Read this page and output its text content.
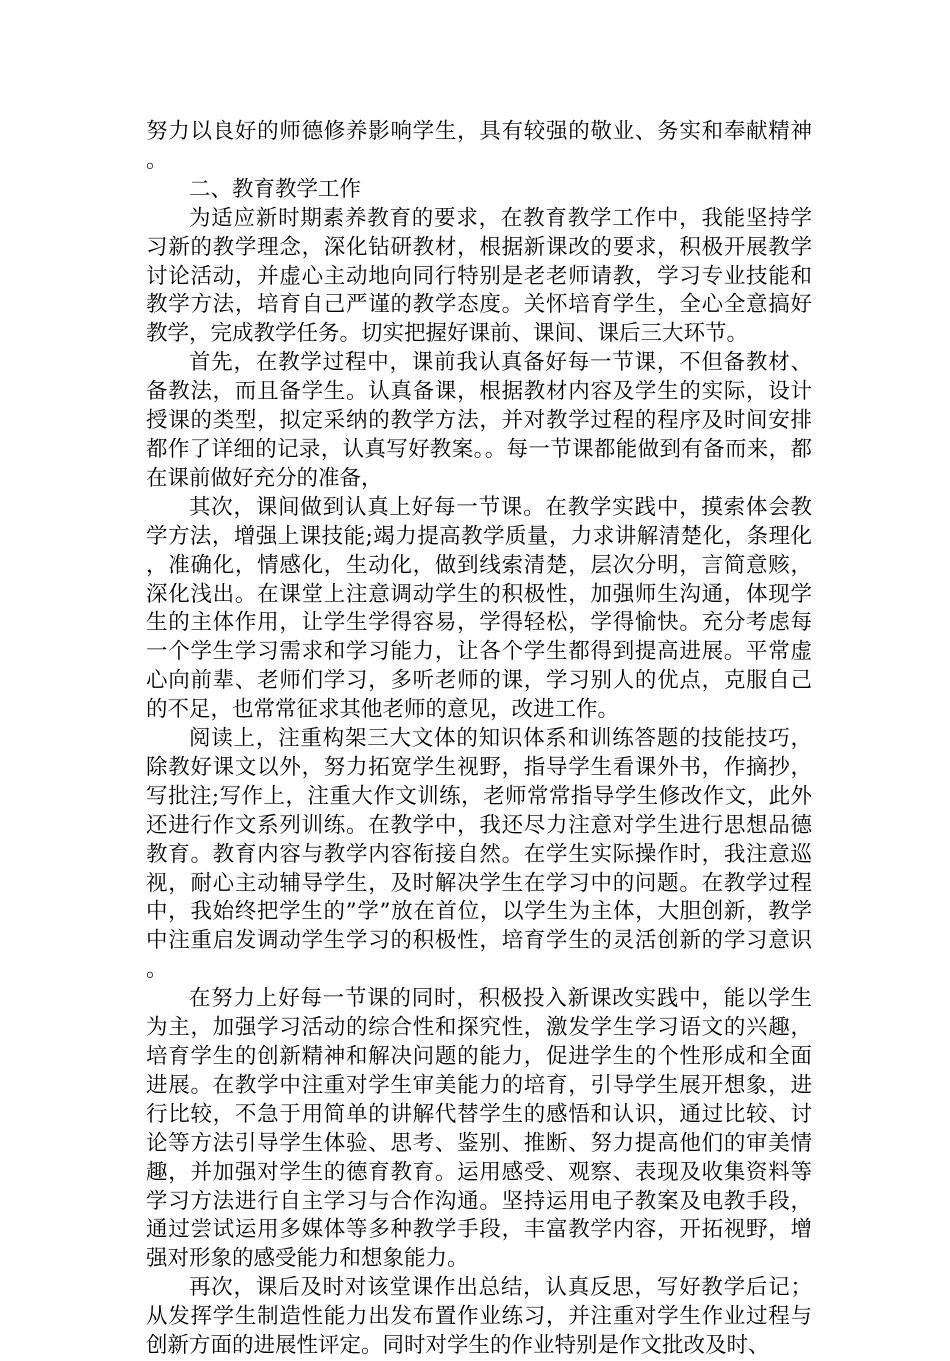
努力以良好的师德修养影响学生，具有较强的敬业、务实和奉献精神。

二、教育教学工作

为适应新时期素养教育的要求，在教育教学工作中，我能坚持学习新的教学理念，深化钻研教材，根据新课改的要求，积极开展教学讨论活动，并虚心主动地向同行特别是老老师请教，学习专业技能和教学方法，培育自己严谨的教学态度。关怀培育学生，全心全意搞好教学，完成教学任务。切实把握好课前、课间、课后三大环节。

首先，在教学过程中，课前我认真备好每一节课，不但备教材、备教法，而且备学生。认真备课，根据教材内容及学生的实际，设计授课的类型，拟定采纳的教学方法，并对教学过程的程序及时间安排都作了详细的记录，认真写好教案。。每一节课都能做到有备而来，都在课前做好充分的准备，

其次，课间做到认真上好每一节课。在教学实践中，摸索体会教学方法，增强上课技能;竭力提高教学质量，力求讲解清楚化，条理化，准确化，情感化，生动化，做到线索清楚，层次分明，言简意赅，深化浅出。在课堂上注意调动学生的积极性，加强师生沟通，体现学生的主体作用，让学生学得容易，学得轻松，学得愉快。充分考虑每一个学生学习需求和学习能力，让各个学生都得到提高进展。平常虚心向前辈、老师们学习，多听老师的课，学习别人的优点，克服自己的不足，也常常征求其他老师的意见，改进工作。

阅读上，注重构架三大文体的知识体系和训练答题的技能技巧，除教好课文以外，努力拓宽学生视野，指导学生看课外书，作摘抄，写批注;写作上，注重大作文训练，老师常常指导学生修改作文，此外还进行作文系列训练。在教学中，我还尽力注意对学生进行思想品德教育。教育内容与教学内容衔接自然。在学生实际操作时，我注意巡视，耐心主动辅导学生，及时解决学生在学习中的问题。在教学过程中，我始终把学生的”学”放在首位，以学生为主体，大胆创新，教学中注重启发调动学生学习的积极性，培育学生的灵活创新的学习意识。

在努力上好每一节课的同时，积极投入新课改实践中，能以学生为主，加强学习活动的综合性和探究性，激发学生学习语文的兴趣，培育学生的创新精神和解决问题的能力，促进学生的个性形成和全面进展。在教学中注重对学生审美能力的培育，引导学生展开想象，进行比较，不急于用简单的讲解代替学生的感悟和认识，通过比较、讨论等方法引导学生体验、思考、鉴别、推断、努力提高他们的审美情趣，并加强对学生的德育教育。运用感受、观察、表现及收集资料等学习方法进行自主学习与合作沟通。坚持运用电子教案及电教手段，通过尝试运用多媒体等多种教学手段，丰富教学内容，开拓视野，增强对形象的感受能力和想象能力。

再次，课后及时对该堂课作出总结，认真反思，写好教学后记；从发挥学生制造性能力出发布置作业练习，并注重对学生作业过程与创新方面的进展性评定。同时对学生的作业特别是作文批改及时、
